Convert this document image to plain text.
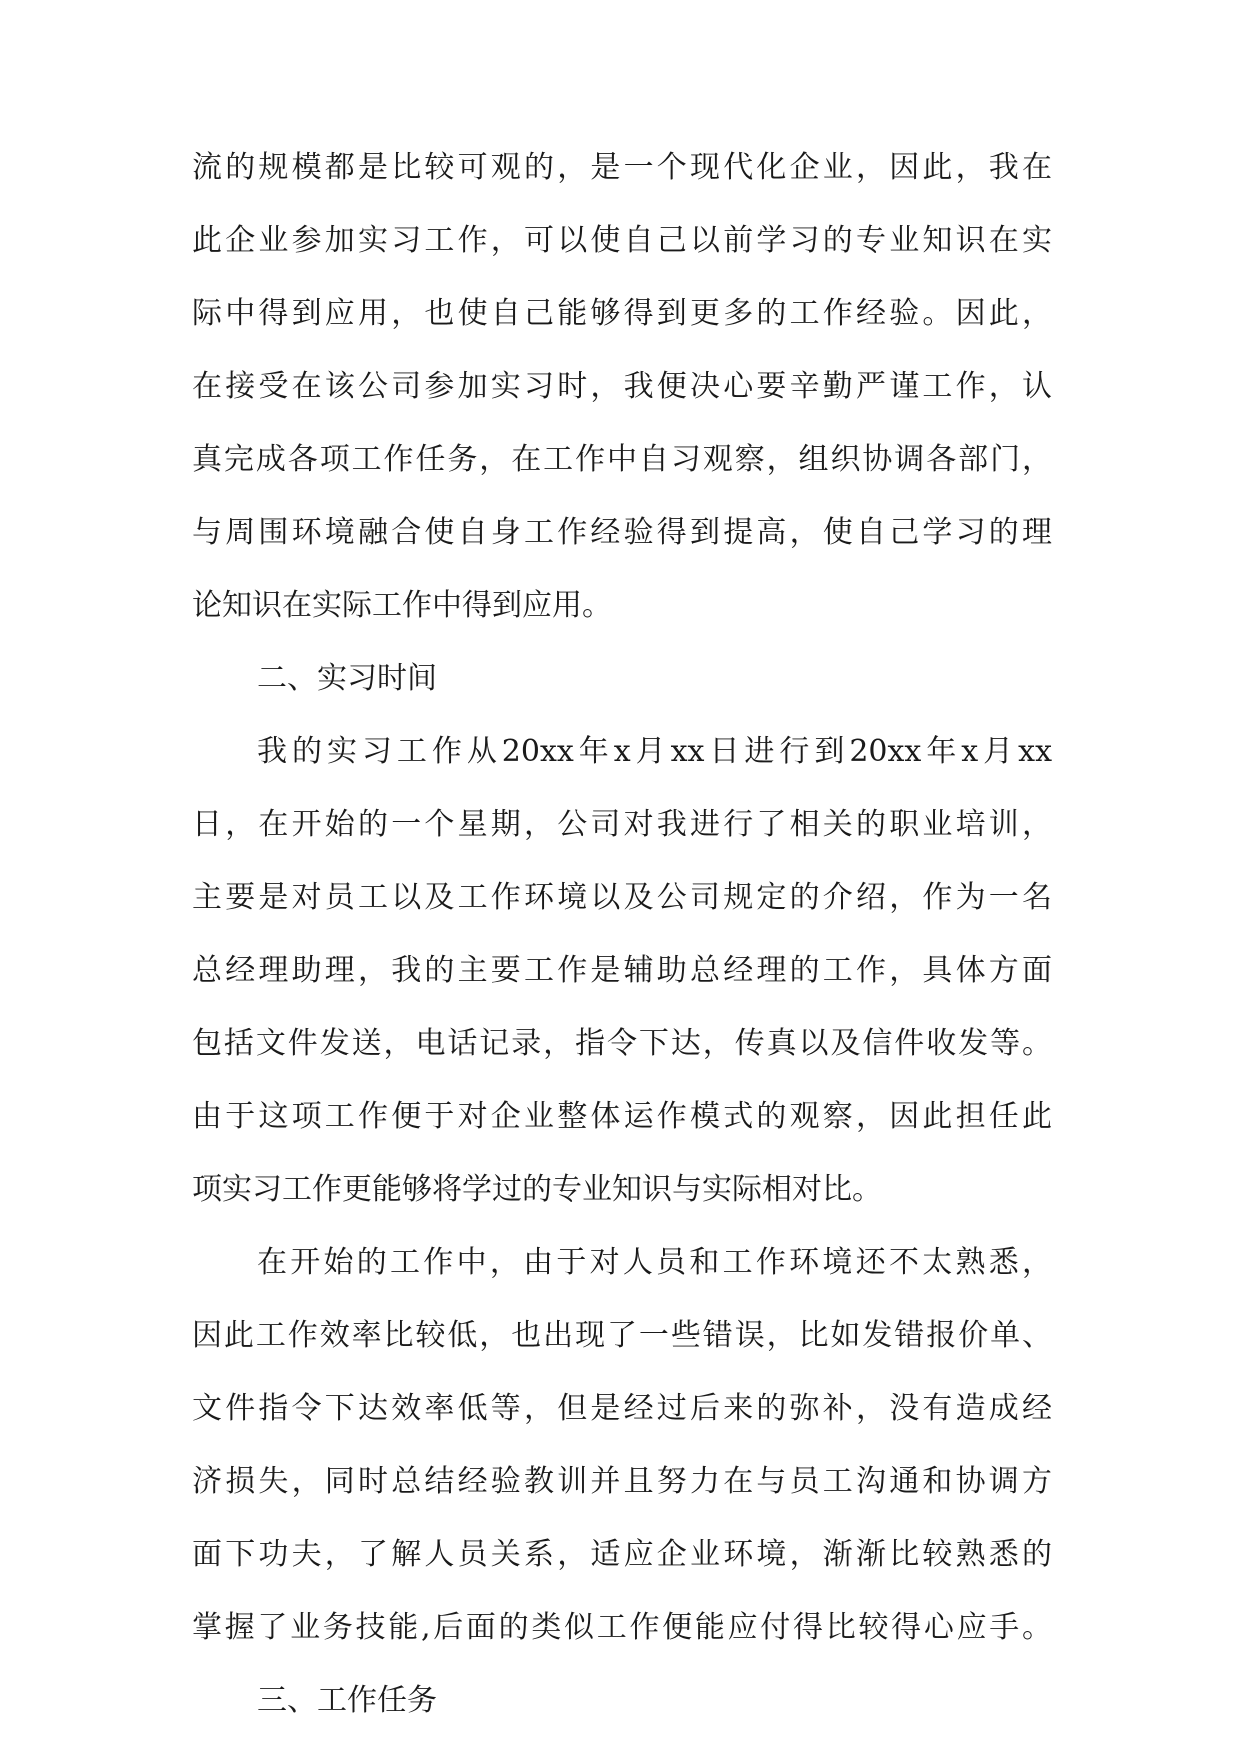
流的规模都是比较可观的，是一个现代化企业，因此，我在
此企业参加实习工作，可以使自己以前学习的专业知识在实
际中得到应用，也使自己能够得到更多的工作经验。因此，
在接受在该公司参加实习时，我便决心要辛勤严谨工作，认
真完成各项工作任务，在工作中自习观察，组织协调各部门，
与周围环境融合使自身工作经验得到提高，使自己学习的理
论知识在实际工作中得到应用。
二、实习时间
我的实习工作从20xx年x月xx日进行到20xx年x月xx
日，在开始的一个星期，公司对我进行了相关的职业培训，
主要是对员工以及工作环境以及公司规定的介绍，作为一名
总经理助理，我的主要工作是辅助总经理的工作，具体方面
包括文件发送，电话记录，指令下达，传真以及信件收发等。
由于这项工作便于对企业整体运作模式的观察，因此担任此
项实习工作更能够将学过的专业知识与实际相对比。
在开始的工作中，由于对人员和工作环境还不太熟悉，
因此工作效率比较低，也出现了一些错误，比如发错报价单、
文件指令下达效率低等，但是经过后来的弥补，没有造成经
济损失，同时总结经验教训并且努力在与员工沟通和协调方
面下功夫，了解人员关系，适应企业环境，渐渐比较熟悉的
掌握了业务技能,后面的类似工作便能应付得比较得心应手。
三、工作任务
